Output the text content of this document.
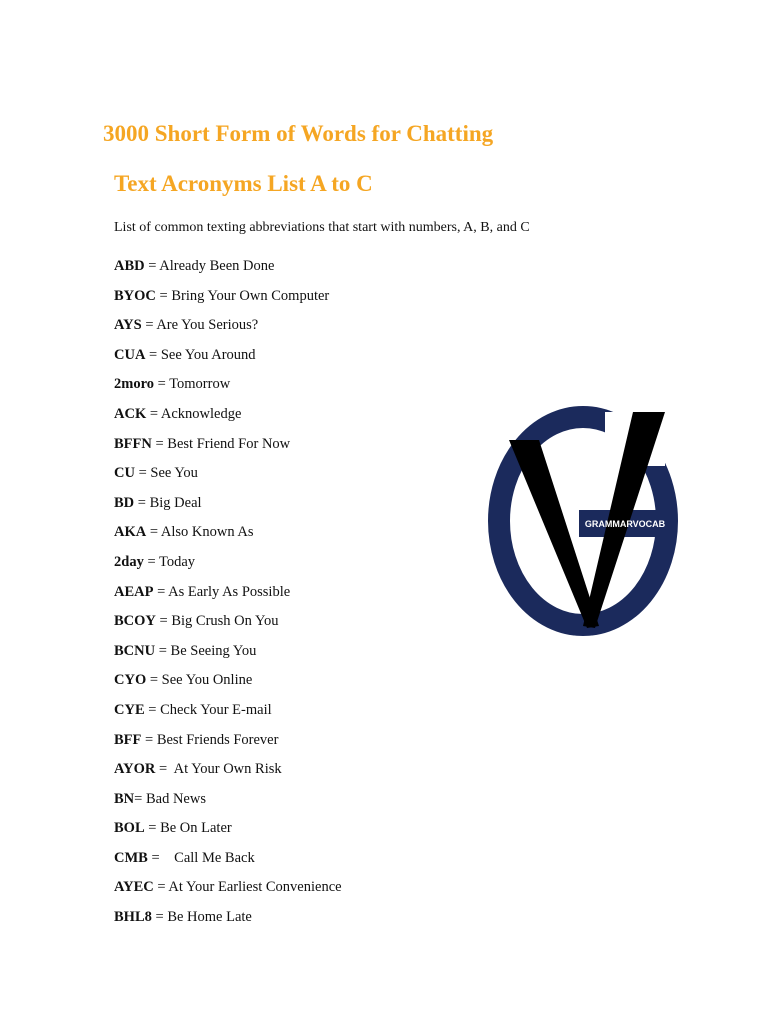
3000 Short Form of Words for Chatting
Text Acronyms List A to C

List of common texting abbreviations that start with numbers, A, B, and C

ABD = Already Been Done
BYOC = Bring Your Own Computer
AYS = Are You Serious?
CUA = See You Around
2moro = Tomorrow
ACK = Acknowledge
BFFN = Best Friend For Now
CU = See You
BD = Big Deal
AKA = Also Known As
2day = Today
AEAP = As Early As Possible
BCOY = Big Crush On You
BCNU = Be Seeing You
CYO = See You Online
CYE = Check Your E-mail
BFF = Best Friends Forever
AYOR =  At Your Own Risk
BN= Bad News
BOL = Be On Later
CMB =    Call Me Back
AYEC = At Your Earliest Convenience
BHL8 = Be Home Late
GRAMMARVOCAB
